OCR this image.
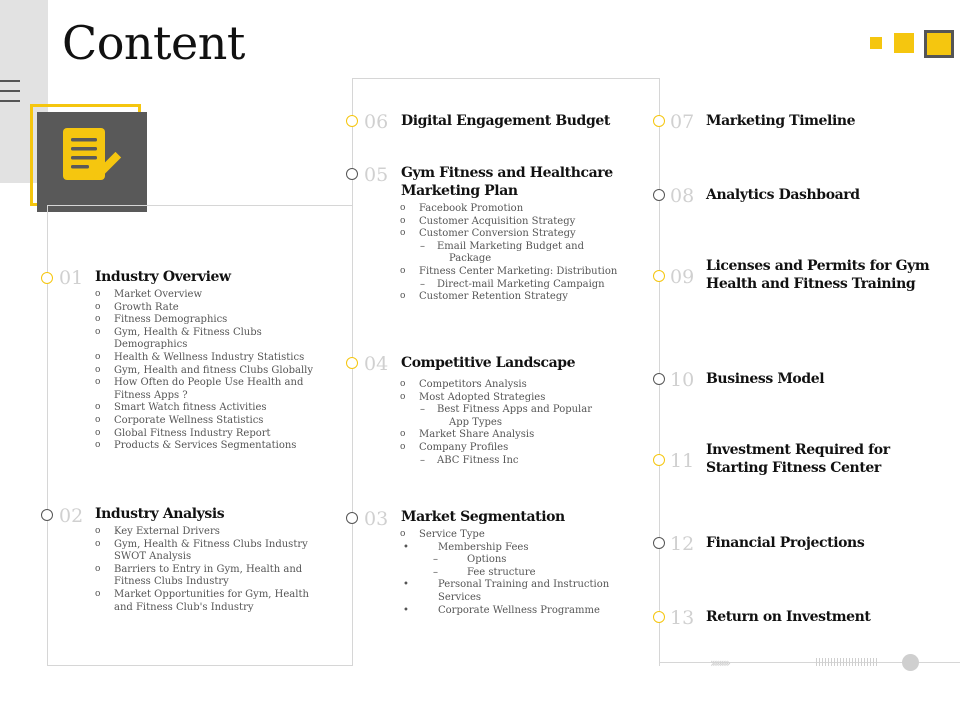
Content
01 Industry Overview
o Market Overview
o Growth Rate
o Fitness Demographics
o Gym, Health & Fitness Clubs
Demographics
o Health & Wellness Industry Statistics
o Gym, Health and fitness Clubs Globally
o How Often do People Use Health and
Fitness Apps ?
o Smart Watch fitness Activities
o Corporate Wellness Statistics
o Global Fitness Industry Report
o Products & Services Segmentations
02 Industry Analysis
o Key External Drivers
o Gym, Health & Fitness Clubs Industry
SWOT Analysis
o Barriers to Entry in Gym, Health and
Fitness Clubs Industry
o Market Opportunities for Gym, Health
and Fitness Club's Industry
06 Digital Engagement Budget
05 Gym Fitness and Healthcare
Marketing Plan
o Facebook Promotion
o Customer Acquisition Strategy
o Customer Conversion Strategy
– Email Marketing Budget and
Package
o Fitness Center Marketing: Distribution
– Direct-mail Marketing Campaign
o Customer Retention Strategy
04 Competitive Landscape
o Competitors Analysis
o Most Adopted Strategies
– Best Fitness Apps and Popular
App Types
o Market Share Analysis
o Company Profiles
– ABC Fitness Inc
03 Market Segmentation
o Service Type
• Membership Fees
– Options
– Fee structure
• Personal Training and Instruction
Services
• Corporate Wellness Programme
07 Marketing Timeline
08 Analytics Dashboard
09 Licenses and Permits for Gym
Health and Fitness Training
10 Business Model
11 Investment Required for
Starting Fitness Center
12 Financial Projections
13 Return on Investment
››››››››››
